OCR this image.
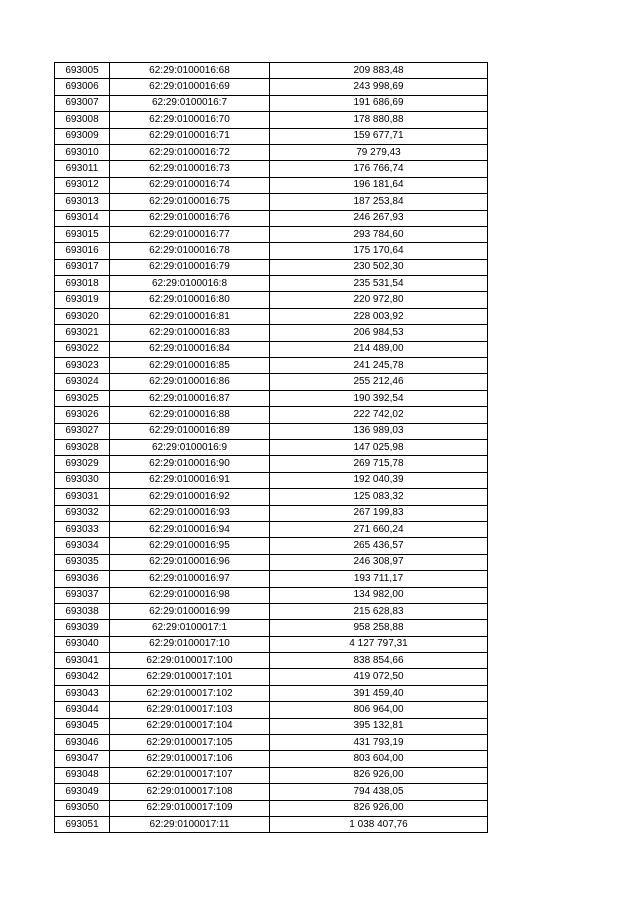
693005	62:29:0100016:68	209 883,48
693006	62:29:0100016:69	243 998,69
693007	62:29:0100016:7	191 686,69
693008	62:29:0100016:70	178 880,88
693009	62:29:0100016:71	159 677,71
693010	62:29:0100016:72	79 279,43
693011	62:29:0100016:73	176 766,74
693012	62:29:0100016:74	196 181,64
693013	62:29:0100016:75	187 253,84
693014	62:29:0100016:76	246 267,93
693015	62:29:0100016:77	293 784,60
693016	62:29:0100016:78	175 170,64
693017	62:29:0100016:79	230 502,30
693018	62:29:0100016:8	235 531,54
693019	62:29:0100016:80	220 972,80
693020	62:29:0100016:81	228 003,92
693021	62:29:0100016:83	206 984,53
693022	62:29:0100016:84	214 489,00
693023	62:29:0100016:85	241 245,78
693024	62:29:0100016:86	255 212,46
693025	62:29:0100016:87	190 392,54
693026	62:29:0100016:88	222 742,02
693027	62:29:0100016:89	136 989,03
693028	62:29:0100016:9	147 025,98
693029	62:29:0100016:90	269 715,78
693030	62:29:0100016:91	192 040,39
693031	62:29:0100016:92	125 083,32
693032	62:29:0100016:93	267 199,83
693033	62:29:0100016:94	271 660,24
693034	62:29:0100016:95	265 436,57
693035	62:29:0100016:96	246 308,97
693036	62:29:0100016:97	193 711,17
693037	62:29:0100016:98	134 982,00
693038	62:29:0100016:99	215 628,83
693039	62:29:0100017:1	958 258,88
693040	62:29:0100017:10	4 127 797,31
693041	62:29:0100017:100	838 854,66
693042	62:29:0100017:101	419 072,50
693043	62:29:0100017:102	391 459,40
693044	62:29:0100017:103	806 964,00
693045	62:29:0100017:104	395 132,81
693046	62:29:0100017:105	431 793,19
693047	62:29:0100017:106	803 604,00
693048	62:29:0100017:107	826 926,00
693049	62:29:0100017:108	794 438,05
693050	62:29:0100017:109	826 926,00
693051	62:29:0100017:11	1 038 407,76
